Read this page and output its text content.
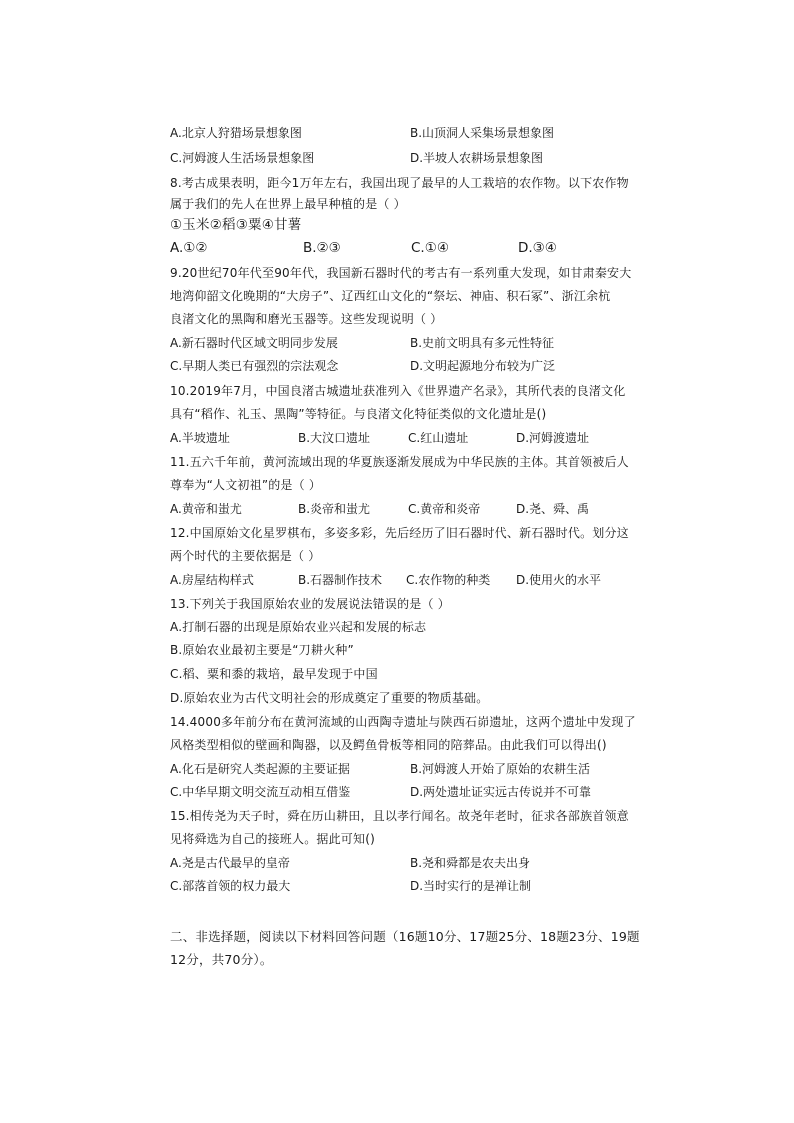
A.北京人狩猎场景想象图	B.山顶洞人采集场景想象图
C.河姆渡人生活场景想象图	D.半坡人农耕场景想象图
8.考古成果表明，距今1万年左右，我国出现了最早的人工栽培的农作物。以下农作物
属于我们的先人在世界上最早种植的是（ ）
①玉米②稻③粟④甘薯
A.①②	B.②③	C.①④	D.③④
9.20世纪70年代至90年代，我国新石器时代的考古有一系列重大发现，如甘肃秦安大
地湾仰韶文化晚期的“大房子”、辽西红山文化的“祭坛、神庙、积石冢”、浙江余杭
良渚文化的黑陶和磨光玉器等。这些发现说明（ ）
A.新石器时代区域文明同步发展	B.史前文明具有多元性特征
C.早期人类已有强烈的宗法观念	D.文明起源地分布较为广泛
10.2019年7月，中国良渚古城遗址获准列入《世界遗产名录》，其所代表的良渚文化
具有“稻作、礼玉、黑陶”等特征。与良渚文化特征类似的文化遗址是()
A.半坡遗址	B.大汶口遗址	C.红山遗址	D.河姆渡遗址
11.五六千年前，黄河流域出现的华夏族逐渐发展成为中华民族的主体。其首领被后人
尊奉为“人文初祖”的是（ ）
A.黄帝和蚩尤	B.炎帝和蚩尤	C.黄帝和炎帝	D.尧、舜、禹
12.中国原始文化星罗棋布，多姿多彩，先后经历了旧石器时代、新石器时代。划分这
两个时代的主要依据是（ ）
A.房屋结构样式	B.石器制作技术 C.农作物的种类 D.使用火的水平
13.下列关于我国原始农业的发展说法错误的是（ ）
A.打制石器的出现是原始农业兴起和发展的标志
B.原始农业最初主要是“刀耕火种”
C.稻、粟和黍的栽培，最早发现于中国
D.原始农业为古代文明社会的形成奠定了重要的物质基础。
14.4000多年前分布在黄河流域的山西陶寺遗址与陕西石峁遗址，这两个遗址中发现了
风格类型相似的壁画和陶器，以及鳄鱼骨板等相同的陪葬品。由此我们可以得出()
A.化石是研究人类起源的主要证据	B.河姆渡人开始了原始的农耕生活
C.中华早期文明交流互动相互借鉴	D.两处遗址证实远古传说并不可靠
15.相传尧为天子时，舜在历山耕田，且以孝行闻名。故尧年老时，征求各部族首领意
见将舜选为自己的接班人。据此可知()
A.尧是古代最早的皇帝	B.尧和舜都是农夫出身
C.部落首领的权力最大	D.当时实行的是禅让制
二、非选择题，阅读以下材料回答问题（16题10分、17题25分、18题23分、19题
12分，共70分）。
